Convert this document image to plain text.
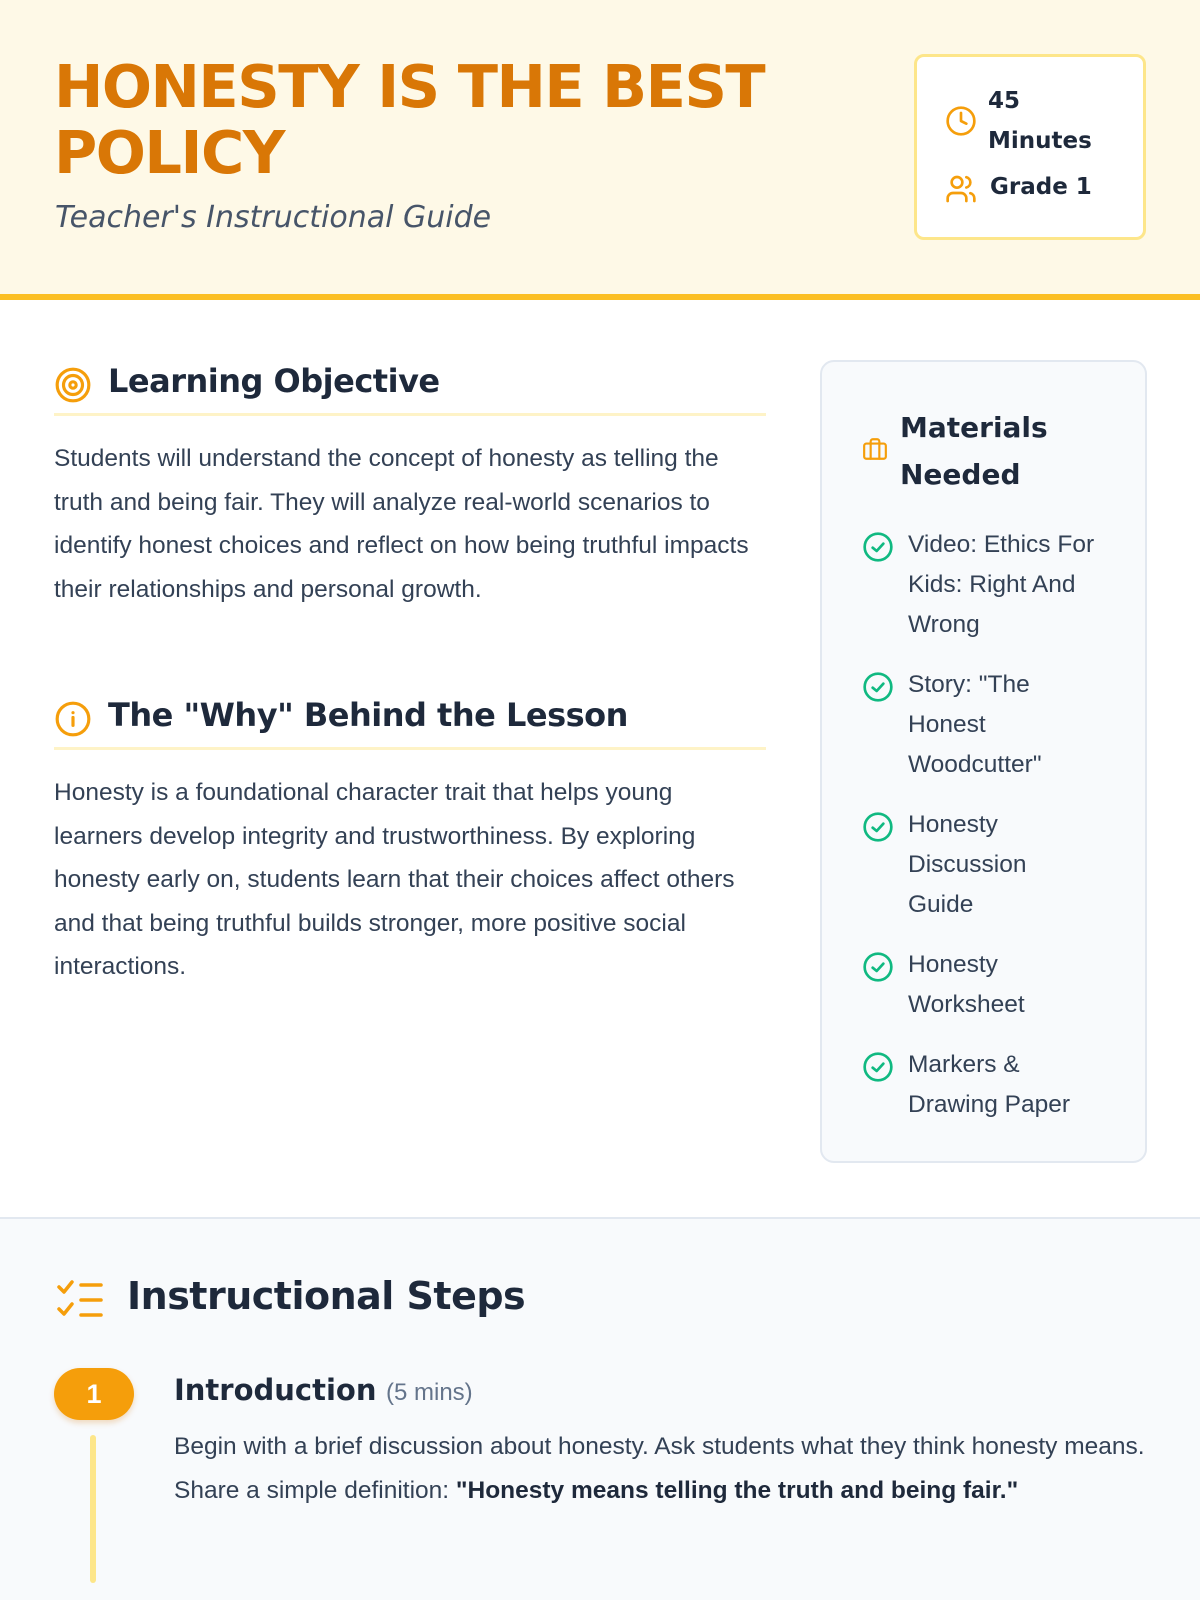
HONESTY IS THE BEST POLICY
Teacher's Instructional Guide
45 Minutes
Grade 1
Learning Objective

Students will understand the concept of honesty as telling the truth and being fair. They will analyze real-world scenarios to identify honest choices and reflect on how being truthful impacts their relationships and personal growth.

The "Why" Behind the Lesson

Honesty is a foundational character trait that helps young learners develop integrity and trustworthiness. By exploring honesty early on, students learn that their choices affect others and that being truthful builds stronger, more positive social interactions.

Materials Needed
Video: Ethics For Kids: Right And Wrong
Story: "The Honest Woodcutter"
Honesty Discussion Guide
Honesty Worksheet
Markers & Drawing Paper
Instructional Steps
1	Introduction (5 mins)

Begin with a brief discussion about honesty. Ask students what they think honesty means. Share a simple definition: "Honesty means telling the truth and being fair."
